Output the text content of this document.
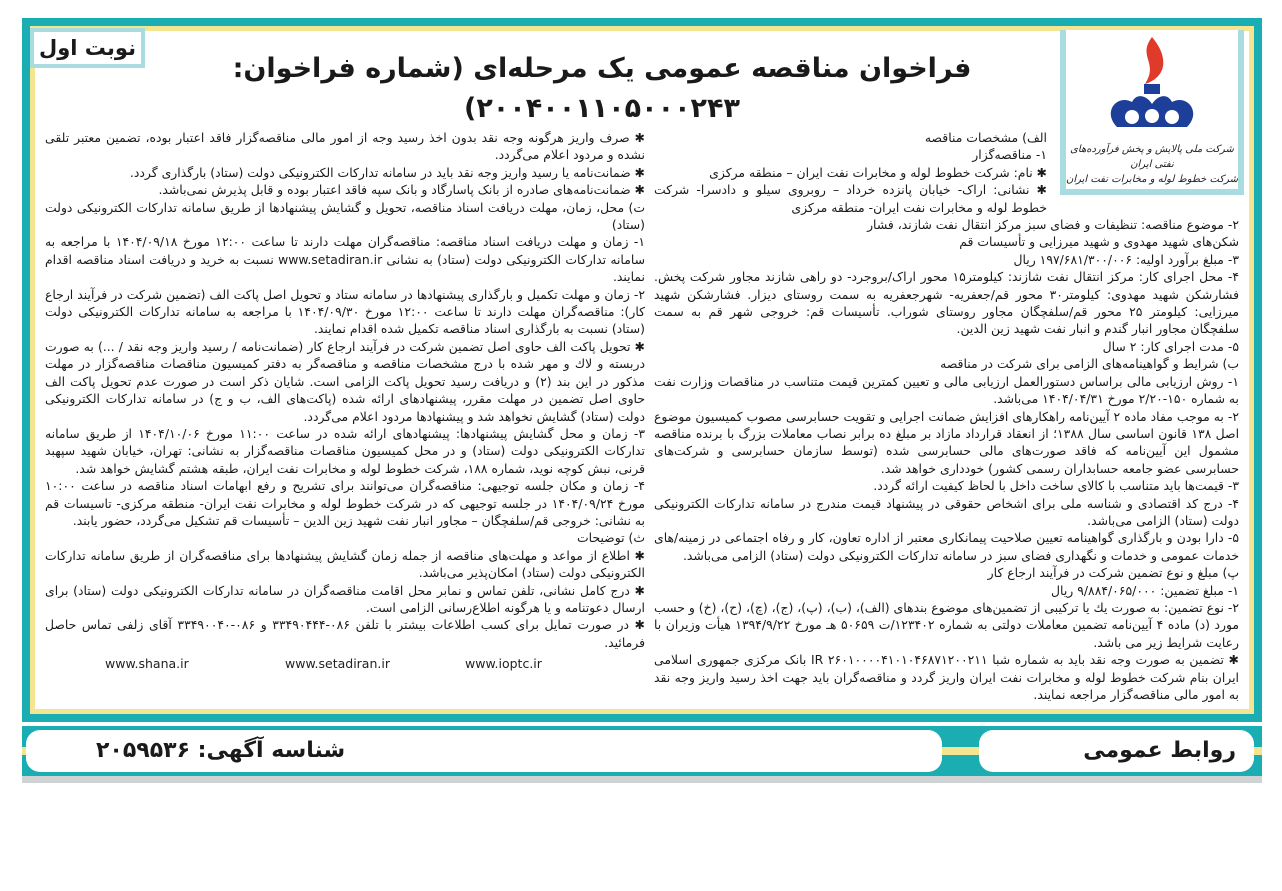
نوبت اول
شرکت ملی پالایش و پخش فرآورده‌های نفتی ایران
شرکت خطوط لوله و مخابرات نفت ایران
فراخوان مناقصه عمومی یک مرحله‌ای (شماره فراخوان: ۲۰۰۴۰۰۱۱۰۵۰۰۰۲۴۳)

الف) مشخصات مناقصه

۱- مناقصه‌گزار

✱ نام: شرکت خطوط لوله و مخابرات نفت ایران – منطقه مرکزی

✱ نشانی: اراک- خیابان پانزده خرداد – روبروی سیلو و دادسرا- شرکت خطوط لوله و مخابرات نفت ایران- منطقه مرکزی

۲- موضوع مناقصه: تنظیفات و فضای سبز مرکز انتقال نفت شازند، فشار

شکن‌های شهید مهدوی و شهید میرزایی و تأسیسات قم

۳- مبلغ برآورد اولیه: ۱۹۷/۶۸۱/۳۰۰/۰۰۶ ریال

۴- محل اجرای کار: مرکز انتقال نفت شازند: کیلومتر۱۵ محور اراک/بروجرد- دو راهی شازند مجاور شرکت پخش. فشارشکن شهید مهدوی: کیلومتر۳۰ محور قم/جعفریه- شهرجعفریه به سمت روستای دیزار. فشارشکن شهید میرزایی: کیلومتر ۲۵ محور قم/سلفچگان مجاور روستای شوراب. تأسیسات قم: خروجی شهر قم به سمت سلفچگان مجاور انبار گندم و انبار نفت شهید زین الدین.

۵- مدت اجرای کار: ۲ سال

ب) شرایط و گواهینامه‌های الزامی برای شرکت در مناقصه

۱- روش ارزیابی مالی براساس دستورالعمل ارزیابی مالی و تعیین کمترین قیمت متناسب در مناقصات وزارت نفت به شماره ۱۵۰-۲/۲۰ مورخ ۱۴۰۴/۰۴/۳۱ می‌باشد.

۲- به موجب مفاد ماده ۲ آیین‌نامه راهکارهای افزایش ضمانت اجرایی و تقویت حسابرسی مصوب کمیسیون موضوع اصل ۱۳۸ قانون اساسی سال ۱۳۸۸؛ از انعقاد قرارداد مازاد بر مبلغ ده برابر نصاب معاملات بزرگ با برنده مناقصه مشمول این آیین‌نامه که فاقد صورت‌های مالی حسابرسی شده (توسط سازمان حسابرسی و شرکت‌های حسابرسی عضو جامعه حسابداران رسمی کشور) خودداری خواهد شد.

۳- قیمت‌ها باید متناسب با کالای ساخت داخل با لحاظ کیفیت ارائه گردد.

۴- درج کد اقتصادی و شناسه ملی برای اشخاص حقوقی در پیشنهاد قیمت مندرج در سامانه تدارکات الکترونیکی دولت (ستاد) الزامی می‌باشد.

۵- دارا بودن و بارگذاری گواهینامه تعیین صلاحیت پیمانکاری معتبر از اداره تعاون، کار و رفاه اجتماعی در زمینه/های خدمات عمومی و خدمات و نگهداری فضای سبز در سامانه تدارکات الکترونیکی دولت (ستاد) الزامی می‌باشد.

پ) مبلغ و نوع تضمین شرکت در فرآیند ارجاع کار

۱- مبلغ تضمین: ۹/۸۸۴/۰۶۵/۰۰۰ ریال

۲- نوع تضمین: به صورت یك یا ترکیبی از تضمین‌های موضوع بندهای (الف)، (ب)، (پ)، (ج)، (چ)، (ح)، (خ) و حسب مورد (د) ماده ۴ آیین‌نامه تضمین معاملات دولتی به شماره ۱۲۳۴۰۲/ت ۵۰۶۵۹ هـ مورخ ۱۳۹۴/۹/۲۲ هیأت وزیران با رعایت شرایط زیر می باشد.

✱ تضمین به صورت وجه نقد باید به شماره شبا IR ۲۶۰۱۰۰۰۰۴۱۰۱۰۴۶۸۷۱۲۰۰۲۱۱ بانک مرکزی جمهوری اسلامی ایران بنام شرکت خطوط لوله و مخابرات نفت ایران واریز گردد و مناقصه‌گران باید جهت اخذ رسید واریز وجه نقد به امور مالی مناقصه‌گزار مراجعه نمایند.

✱ صرف واریز هرگونه وجه نقد بدون اخذ رسید وجه از امور مالی مناقصه‌گزار فاقد اعتبار بوده، تضمین معتبر تلقی نشده و مردود اعلام می‌گردد.

✱ ضمانت‌نامه یا رسید واریز وجه نقد باید در سامانه تدارکات الکترونیکی دولت (ستاد) بارگذاری گردد.

✱ ضمانت‌نامه‌های صادره از بانک پاسارگاد و بانک سپه فاقد اعتبار بوده و قابل پذیرش نمی‌باشد.

ت) محل، زمان، مهلت دریافت اسناد مناقصه، تحویل و گشایش پیشنهادها از طریق سامانه تدارکات الکترونیکی دولت (ستاد)

۱- زمان و مهلت دریافت اسناد مناقصه: مناقصه‌گران مهلت دارند تا ساعت ۱۲:۰۰ مورخ ۱۴۰۴/۰۹/۱۸ با مراجعه به سامانه تدارکات الکترونیکی دولت (ستاد) به نشانی www.setadiran.ir نسبت به خرید و دریافت اسناد مناقصه اقدام نمایند.

۲- زمان و مهلت تکمیل و بارگذاری پیشنهادها در سامانه ستاد و تحویل اصل پاکت الف (تضمین شرکت در فرآیند ارجاع کار): مناقصه‌گران مهلت دارند تا ساعت ۱۲:۰۰ مورخ ۱۴۰۴/۰۹/۳۰ با مراجعه به سامانه تدارکات الکترونیکی دولت (ستاد) نسبت به بارگذاری اسناد مناقصه تکمیل شده اقدام نمایند.

✱ تحویل پاکت الف حاوی اصل تضمین شرکت در فرآیند ارجاع کار (ضمانت‌نامه / رسید واریز وجه نقد / ...) به صورت دربسته و لاك و مهر شده با درج مشخصات مناقصه و مناقصه‌گر به دفتر کمیسیون مناقصات مناقصه‌گزار در مهلت مذکور در این بند (۲) و دریافت رسید تحویل پاکت الزامی است. شایان ذکر است در صورت عدم تحویل پاکت الف حاوی اصل تضمین در مهلت مقرر، پیشنهادهای ارائه شده (پاکت‌های الف، ب و ج) در سامانه تدارکات الکترونیکی دولت (ستاد) گشایش نخواهد شد و پیشنهادها مردود اعلام می‌گردد.

۳- زمان و محل گشایش پیشنهادها: پیشنهادهای ارائه شده در ساعت ۱۱:۰۰ مورخ ۱۴۰۴/۱۰/۰۶ از طریق سامانه تدارکات الکترونیکی دولت (ستاد) و در محل کمیسیون مناقصات مناقصه‌گزار به نشانی: تهران، خیابان شهید سپهبد قرنی، نبش کوچه نوید، شماره ۱۸۸، شرکت خطوط لوله و مخابرات نفت ایران، طبقه هشتم گشایش خواهد شد.

۴- زمان و مکان جلسه توجیهی: مناقصه‌گران می‌توانند برای تشریح و رفع ابهامات اسناد مناقصه در ساعت ۱۰:۰۰ مورخ ۱۴۰۴/۰۹/۲۴ در جلسه توجیهی که در شرکت خطوط لوله و مخابرات نفت ایران- منطقه مرکزی- تاسیسات قم به نشانی: خروجی قم/سلفچگان – مجاور انبار نفت شهید زین الدین – تأسیسات قم تشکیل می‌گردد، حضور یابند.

ث) توضیحات

✱ اطلاع از مواعد و مهلت‌های مناقصه از جمله زمان گشایش پیشنهادها برای مناقصه‌گران از طریق سامانه تدارکات الکترونیکی دولت (ستاد) امکان‌پذیر می‌باشد.

✱ درج کامل نشانی، تلفن تماس و نمابر محل اقامت مناقصه‌گران در سامانه تدارکات الکترونیکی دولت (ستاد) برای ارسال دعوتنامه و یا هرگونه اطلاع‌رسانی الزامی است.

✱ در صورت تمایل برای کسب اطلاعات بیشتر با تلفن ۰۸۶-۳۳۴۹۰۴۴۴ و ۰۸۶-۳۳۴۹۰۰۴۰ آقای زلفی تماس حاصل فرمائید.

www.shana.ir	www.setadiran.ir	www.ioptc.ir
روابط عمومی
شناسه آگهی: ۲۰۵۹۵۳۶
